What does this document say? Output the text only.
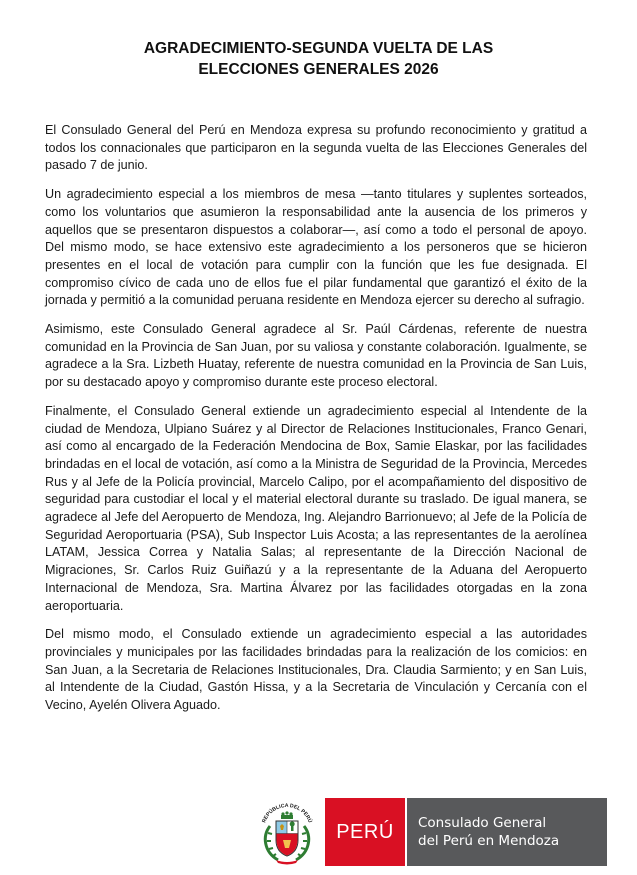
AGRADECIMIENTO-SEGUNDA VUELTA DE LAS
ELECCIONES GENERALES 2026

El Consulado General del Perú en Mendoza expresa su profundo reconocimiento y gratitud a todos los connacionales que participaron en la segunda vuelta de las Elecciones Generales del pasado 7 de junio.

Un agradecimiento especial a los miembros de mesa —tanto titulares y suplentes sorteados, como los voluntarios que asumieron la responsabilidad ante la ausencia de los primeros y aquellos que se presentaron dispuestos a colaborar—, así como a todo el personal de apoyo. Del mismo modo, se hace extensivo este agradecimiento a los personeros que se hicieron presentes en el local de votación para cumplir con la función que les fue designada. El compromiso cívico de cada uno de ellos fue el pilar fundamental que garantizó el éxito de la jornada y permitió a la comunidad peruana residente en Mendoza ejercer su derecho al sufragio.

Asimismo, este Consulado General agradece al Sr. Paúl Cárdenas, referente de nuestra comunidad en la Provincia de San Juan, por su valiosa y constante colaboración. Igualmente, se agradece a la Sra. Lizbeth Huatay, referente de nuestra comunidad en la Provincia de San Luis, por su destacado apoyo y compromiso durante este proceso electoral.

Finalmente, el Consulado General extiende un agradecimiento especial al Intendente de la ciudad de Mendoza, Ulpiano Suárez y al Director de Relaciones Institucionales, Franco Genari, así como al encargado de la Federación Mendocina de Box, Samie Elaskar, por las facilidades brindadas en el local de votación, así como a la Ministra de Seguridad de la Provincia, Mercedes Rus y al Jefe de la Policía provincial, Marcelo Calipo, por el acompañamiento del dispositivo de seguridad para custodiar el local y el material electoral durante su traslado. De igual manera, se agradece al Jefe del Aeropuerto de Mendoza, Ing. Alejandro Barrionuevo; al Jefe de la Policía de Seguridad Aeroportuaria (PSA), Sub Inspector Luis Acosta; a las representantes de la aerolínea LATAM, Jessica Correa y Natalia Salas; al representante de la Dirección Nacional de Migraciones, Sr. Carlos Ruiz Guiñazú y a la representante de la Aduana del Aeropuerto Internacional de Mendoza, Sra. Martina Álvarez por las facilidades otorgadas en la zona aeroportuaria.

Del mismo modo, el Consulado extiende un agradecimiento especial a las autoridades provinciales y municipales por las facilidades brindadas para la realización de los comicios: en San Juan, a la Secretaria de Relaciones Institucionales, Dra. Claudia Sarmiento; y en San Luis, al Intendente de la Ciudad, Gastón Hissa, y a la Secretaria de Vinculación y Cercanía con el Vecino, Ayelén Olivera Aguado.

REPÚBLICA DEL PERÚ PERÚ Consulado General
del Perú en Mendoza
